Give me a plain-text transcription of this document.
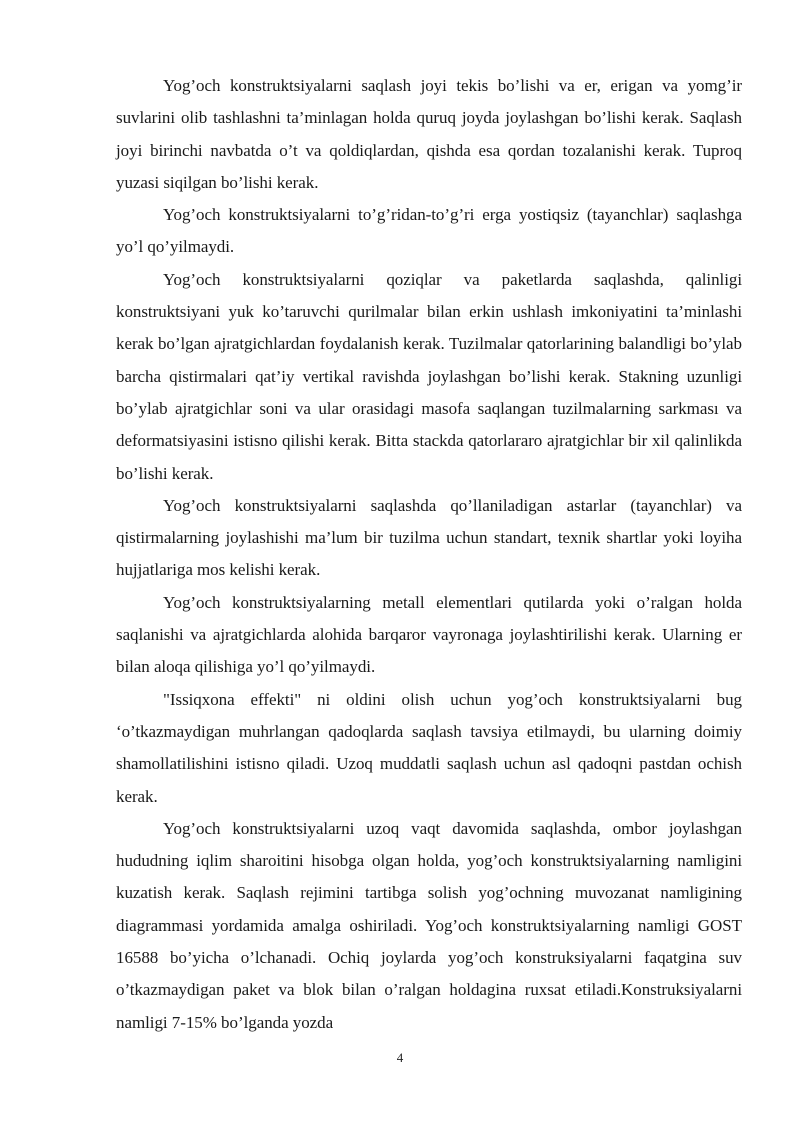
Yog’och konstruktsiyalarni saqlash joyi tekis bo’lishi va er, erigan va yomg’ir suvlarini olib tashlashni ta’minlagan holda quruq joyda joylashgan bo’lishi kerak. Saqlash joyi birinchi navbatda o’t va qoldiqlardan, qishda esa qordan tozalanishi kerak. Tuproq yuzasi siqilgan bo’lishi kerak.

Yog’och konstruktsiyalarni to’g’ridan-to’g’ri erga yostiqsiz (tayanchlar) saqlashga yo’l qo’yilmaydi.

Yog’och konstruktsiyalarni qoziqlar va paketlarda saqlashda, qalinligi konstruktsiyani yuk ko’taruvchi qurilmalar bilan erkin ushlash imkoniyatini ta’minlashi kerak bo’lgan ajratgichlardan foydalanish kerak. Tuzilmalar qatorlarining balandligi bo’ylab barcha qistirmalari qat’iy vertikal ravishda joylashgan bo’lishi kerak. Stakning uzunligi bo’ylab ajratgichlar soni va ular orasidagi masofa saqlangan tuzilmalarning sarkması va deformatsiyasini istisno qilishi kerak. Bitta stackda qatorlararo ajratgichlar bir xil qalinlikda bo’lishi kerak.

Yog’och konstruktsiyalarni saqlashda qo’llaniladigan astarlar (tayanchlar) va qistirmalarning joylashishi ma’lum bir tuzilma uchun standart, texnik shartlar yoki loyiha hujjatlariga mos kelishi kerak.

Yog’och konstruktsiyalarning metall elementlari qutilarda yoki o’ralgan holda saqlanishi va ajratgichlarda alohida barqaror vayronaga joylashtirilishi kerak. Ularning er bilan aloqa qilishiga yo’l qo’yilmaydi.

"Issiqxona effekti" ni oldini olish uchun yog’och konstruktsiyalarni bug ‘o’tkazmaydigan muhrlangan qadoqlarda saqlash tavsiya etilmaydi, bu ularning doimiy shamollatilishini istisno qiladi. Uzoq muddatli saqlash uchun asl qadoqni pastdan ochish kerak.

Yog’och konstruktsiyalarni uzoq vaqt davomida saqlashda, ombor joylashgan hududning iqlim sharoitini hisobga olgan holda, yog’och konstruktsiyalarning namligini kuzatish kerak. Saqlash rejimini tartibga solish yog’ochning muvozanat namligining diagrammasi yordamida amalga oshiriladi. Yog’och konstruktsiyalarning namligi GOST 16588 bo’yicha o’lchanadi. Ochiq joylarda yog’och konstruksiyalarni faqatgina suv o’tkazmaydigan paket va blok bilan o’ralgan holdagina ruxsat etiladi.Konstruksiyalarni namligi 7-15% bo’lganda yozda

4
